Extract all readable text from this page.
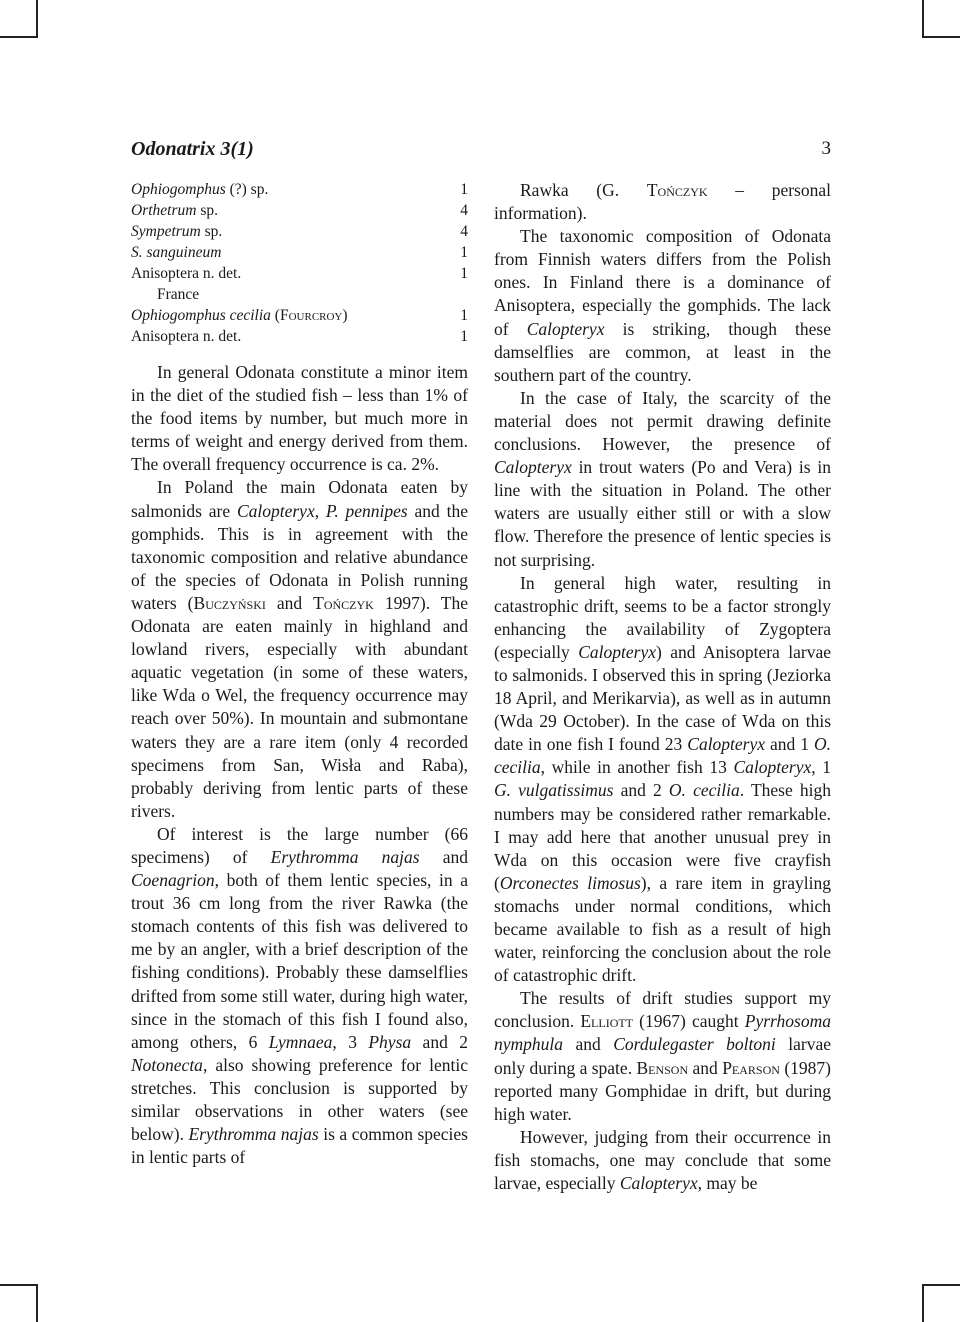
Odonatrix 3(1)	3
Ophiogomphus (?) sp.	1
Orthetrum sp.	4
Sympetrum sp.	4
S. sanguineum	1
Anisoptera n. det.	1
France
Ophiogomphus cecilia (Fourcroy)	1
Anisoptera n. det.	1

In general Odonata constitute a minor item in the diet of the studied fish – less than 1% of the food items by number, but much more in terms of weight and energy derived from them. The overall frequency occurrence is ca. 2%.

In Poland the main Odonata eaten by salmonids are Calopteryx, P. pennipes and the gomphids. This is in agreement with the taxonomic composition and relative abundance of the species of Odonata in Polish running waters (Buczyński and Tończyk 1997). The Odonata are eaten mainly in highland and lowland rivers, especially with abundant aquatic vegetation (in some of these waters, like Wda o Wel, the frequency occurrence may reach over 50%). In mountain and submontane waters they are a rare item (only 4 recorded specimens from San, Wisła and Raba), probably deriving from lentic parts of these rivers.

Of interest is the large number (66 specimens) of Erythromma najas and Coenagrion, both of them lentic species, in a trout 36 cm long from the river Rawka (the stomach contents of this fish was delivered to me by an angler, with a brief description of the fishing conditions). Probably these damselflies drifted from some still water, during high water, since in the stomach of this fish I found also, among others, 6 Lymnaea, 3 Physa and 2 Notonecta, also showing preference for lentic stretches. This conclusion is supported by similar observations in other waters (see below). Erythromma najas is a common species in lentic parts of

Rawka (G. Tończyk – personal information).

The taxonomic composition of Odonata from Finnish waters differs from the Polish ones. In Finland there is a dominance of Anisoptera, especially the gomphids. The lack of Calopteryx is striking, though these damselflies are common, at least in the southern part of the country.

In the case of Italy, the scarcity of the material does not permit drawing definite conclusions. However, the presence of Calopteryx in trout waters (Po and Vera) is in line with the situation in Poland. The other waters are usually either still or with a slow flow. Therefore the presence of lentic species is not surprising.

In general high water, resulting in catastrophic drift, seems to be a factor strongly enhancing the availability of Zygoptera (especially Calopteryx) and Anisoptera larvae to salmonids. I observed this in spring (Jeziorka 18 April, and Merikarvia), as well as in autumn (Wda 29 October). In the case of Wda on this date in one fish I found 23 Calopteryx and 1 O. cecilia, while in another fish 13 Calopteryx, 1 G. vulgatissimus and 2 O. cecilia. These high numbers may be considered rather remarkable. I may add here that another unusual prey in Wda on this occasion were five crayfish (Orconectes limosus), a rare item in grayling stomachs under normal conditions, which became available to fish as a result of high water, reinforcing the conclusion about the role of catastrophic drift.

The results of drift studies support my conclusion. Elliott (1967) caught Pyrrhosoma nymphula and Cordulegaster boltoni larvae only during a spate. Benson and Pearson (1987) reported many Gomphidae in drift, but during high water.

However, judging from their occurrence in fish stomachs, one may conclude that some larvae, especially Calopteryx, may be
